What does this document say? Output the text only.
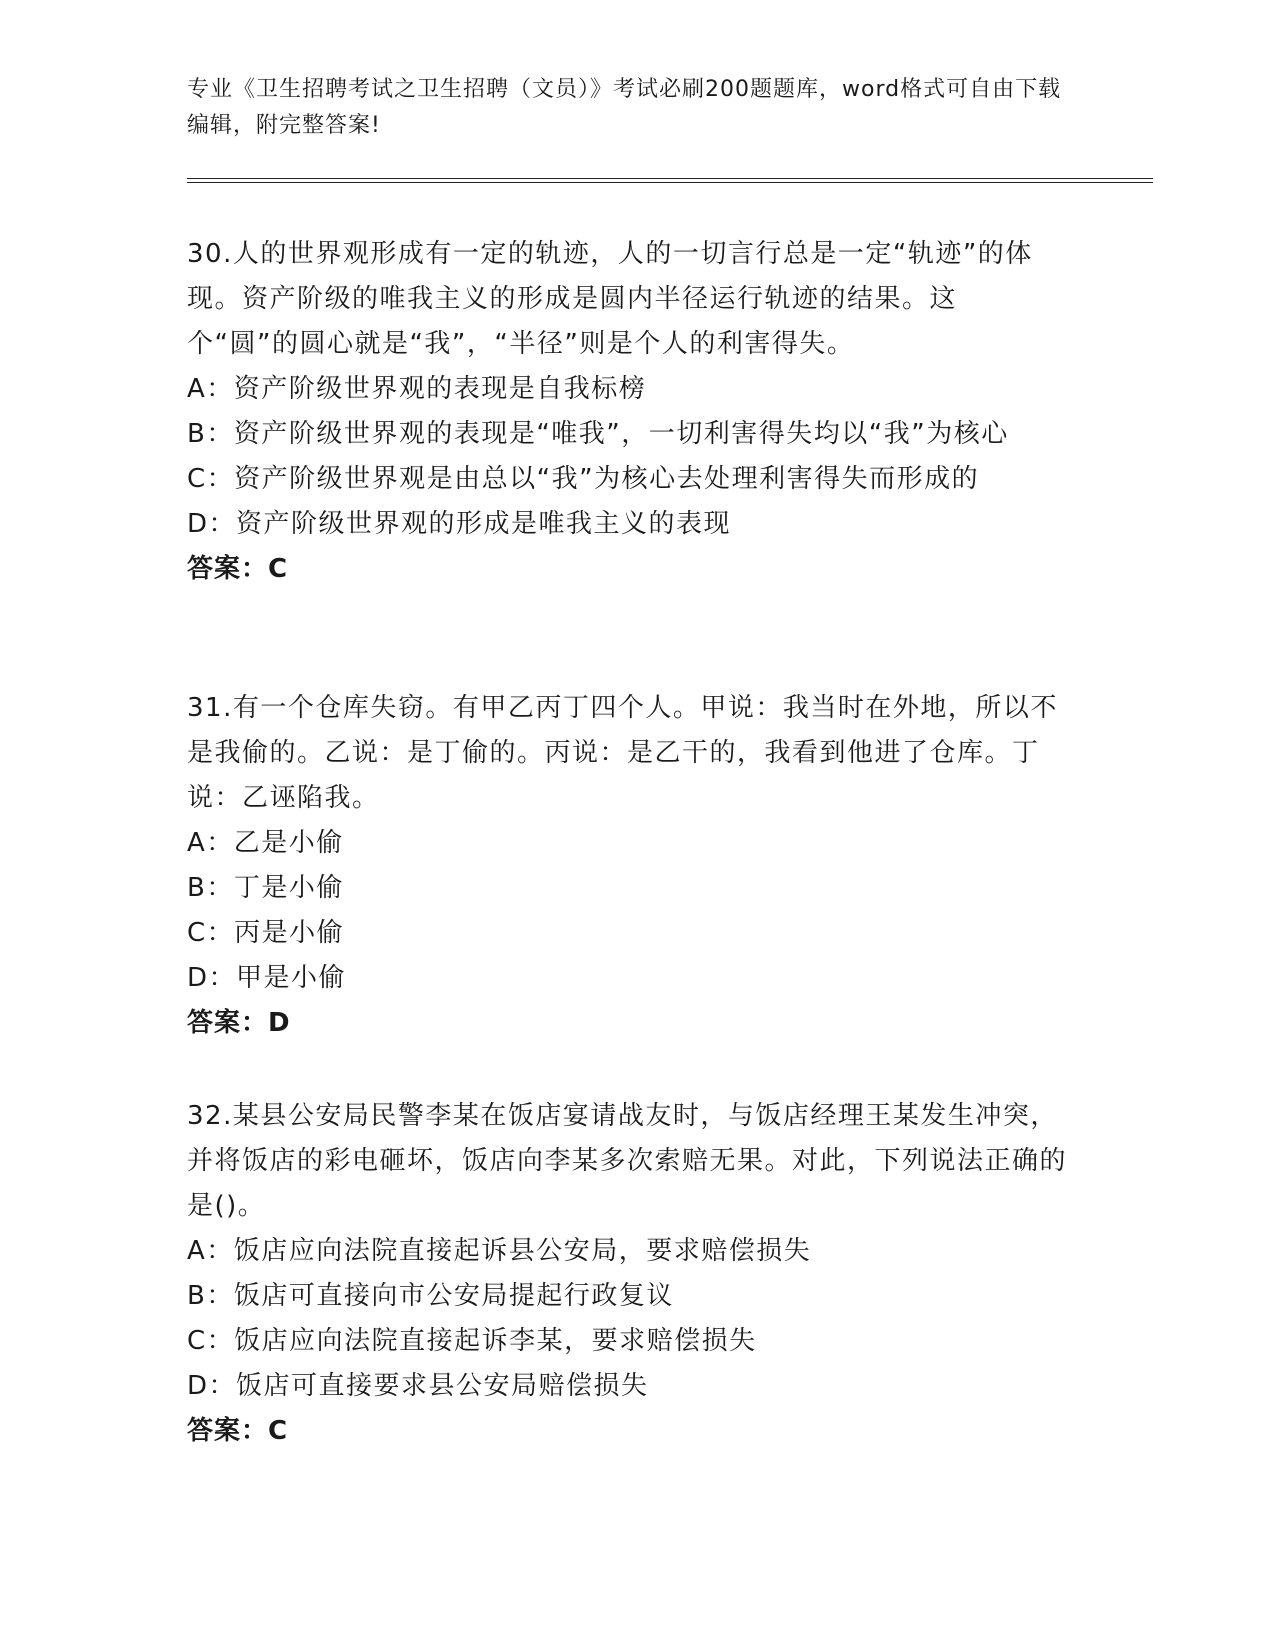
专业《卫生招聘考试之卫生招聘（文员）》考试必刷200题题库，word格式可自由下载编辑，附完整答案!

30.人的世界观形成有一定的轨迹，人的一切言行总是一定“轨迹”的体现。资产阶级的唯我主义的形成是圆内半径运行轨迹的结果。这个“圆”的圆心就是“我”，“半径”则是个人的利害得失。

A：资产阶级世界观的表现是自我标榜

B：资产阶级世界观的表现是“唯我”，一切利害得失均以“我”为核心

C：资产阶级世界观是由总以“我”为核心去处理利害得失而形成的

D：资产阶级世界观的形成是唯我主义的表现

答案：C

31.有一个仓库失窃。有甲乙丙丁四个人。甲说：我当时在外地，所以不是我偷的。乙说：是丁偷的。丙说：是乙干的，我看到他进了仓库。丁说：乙诬陷我。

A：乙是小偷

B：丁是小偷

C：丙是小偷

D：甲是小偷

答案：D

32.某县公安局民警李某在饭店宴请战友时，与饭店经理王某发生冲突，并将饭店的彩电砸坏，饭店向李某多次索赔无果。对此，下列说法正确的是()。

A：饭店应向法院直接起诉县公安局，要求赔偿损失

B：饭店可直接向市公安局提起行政复议

C：饭店应向法院直接起诉李某，要求赔偿损失

D：饭店可直接要求县公安局赔偿损失

答案：C
